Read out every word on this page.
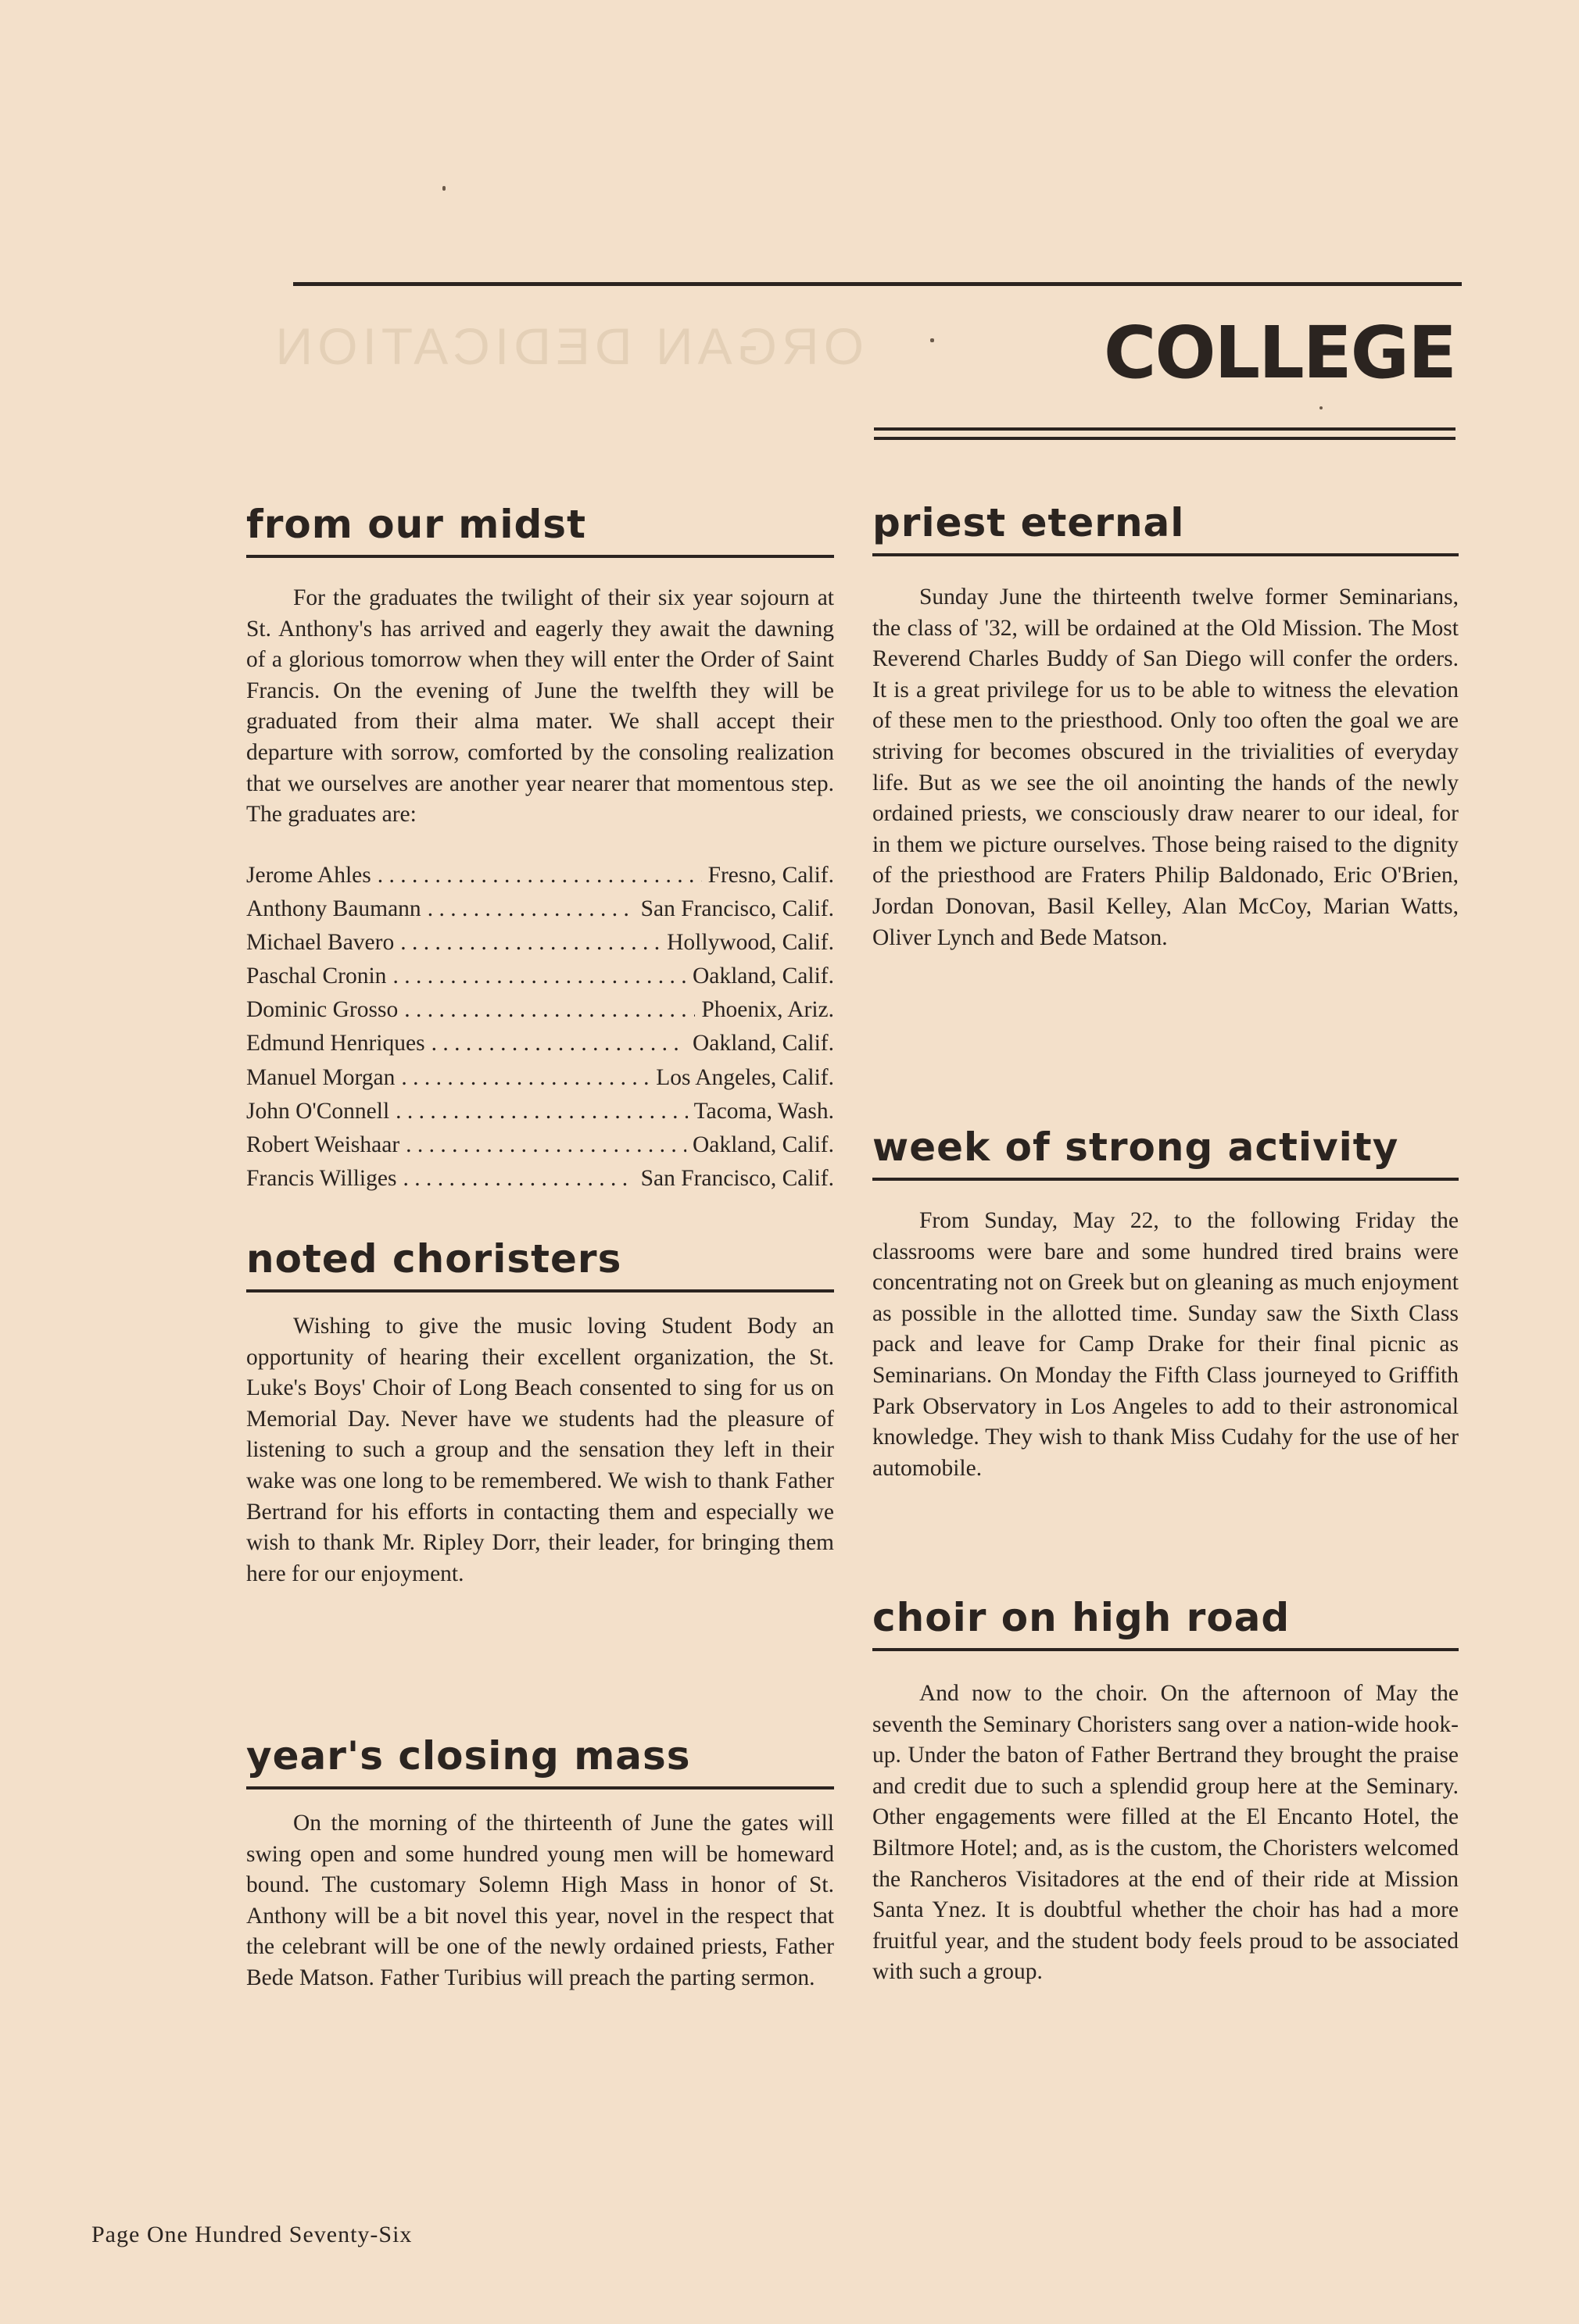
ORGAN DEDICATION	COLLEGE
from our midst

For the graduates the twilight of their six year sojourn at St. Anthony's has arrived and eagerly they await the dawning of a glorious tomorrow when they will enter the Order of Saint Francis. On the evening of June the twelfth they will be graduated from their alma mater. We shall accept their departure with sorrow, comforted by the consoling realization that we ourselves are another year nearer that momentous step. The graduates are:

Jerome Ahles . . .	Fresno, Calif.
Anthony Baumann . . .	San Francisco, Calif.
Michael Bavero . . .	Hollywood, Calif.
Paschal Cronin . . .	Oakland, Calif.
Dominic Grosso . . .	Phoenix, Ariz.
Edmund Henriques . . .	Oakland, Calif.
Manuel Morgan . . .	Los Angeles, Calif.
John O'Connell . . .	Tacoma, Wash.
Robert Weishaar . . .	Oakland, Calif.
Francis Williges . . .	San Francisco, Calif.
noted choristers

Wishing to give the music loving Student Body an opportunity of hearing their excellent organization, the St. Luke's Boys' Choir of Long Beach consented to sing for us on Memorial Day. Never have we students had the pleasure of listening to such a group and the sensation they left in their wake was one long to be remembered. We wish to thank Father Bertrand for his efforts in contacting them and especially we wish to thank Mr. Ripley Dorr, their leader, for bringing them here for our enjoyment.

year's closing mass

On the morning of the thirteenth of June the gates will swing open and some hundred young men will be homeward bound. The customary Solemn High Mass in honor of St. Anthony will be a bit novel this year, novel in the respect that the celebrant will be one of the newly ordained priests, Father Bede Matson. Father Turibius will preach the parting sermon.

priest eternal

Sunday June the thirteenth twelve former Seminarians, the class of '32, will be ordained at the Old Mission. The Most Reverend Charles Buddy of San Diego will confer the orders. It is a great privilege for us to be able to witness the elevation of these men to the priesthood. Only too often the goal we are striving for becomes obscured in the trivialities of everyday life. But as we see the oil anointing the hands of the newly ordained priests, we consciously draw nearer to our ideal, for in them we picture ourselves. Those being raised to the dignity of the priesthood are Fraters Philip Baldonado, Eric O'Brien, Jordan Donovan, Basil Kelley, Alan McCoy, Marian Watts, Oliver Lynch and Bede Matson.

week of strong activity

From Sunday, May 22, to the following Friday the classrooms were bare and some hundred tired brains were concentrating not on Greek but on gleaning as much enjoyment as possible in the allotted time. Sunday saw the Sixth Class pack and leave for Camp Drake for their final picnic as Seminarians. On Monday the Fifth Class journeyed to Griffith Park Observatory in Los Angeles to add to their astronomical knowledge. They wish to thank Miss Cudahy for the use of her automobile.

choir on high road

And now to the choir. On the afternoon of May the seventh the Seminary Choristers sang over a nation-wide hook-up. Under the baton of Father Bertrand they brought the praise and credit due to such a splendid group here at the Seminary. Other engagements were filled at the El Encanto Hotel, the Biltmore Hotel; and, as is the custom, the Choristers welcomed the Rancheros Visitadores at the end of their ride at Mission Santa Ynez. It is doubtful whether the choir has had a more fruitful year, and the student body feels proud to be associated with such a group.

Page One Hundred Seventy-Six
